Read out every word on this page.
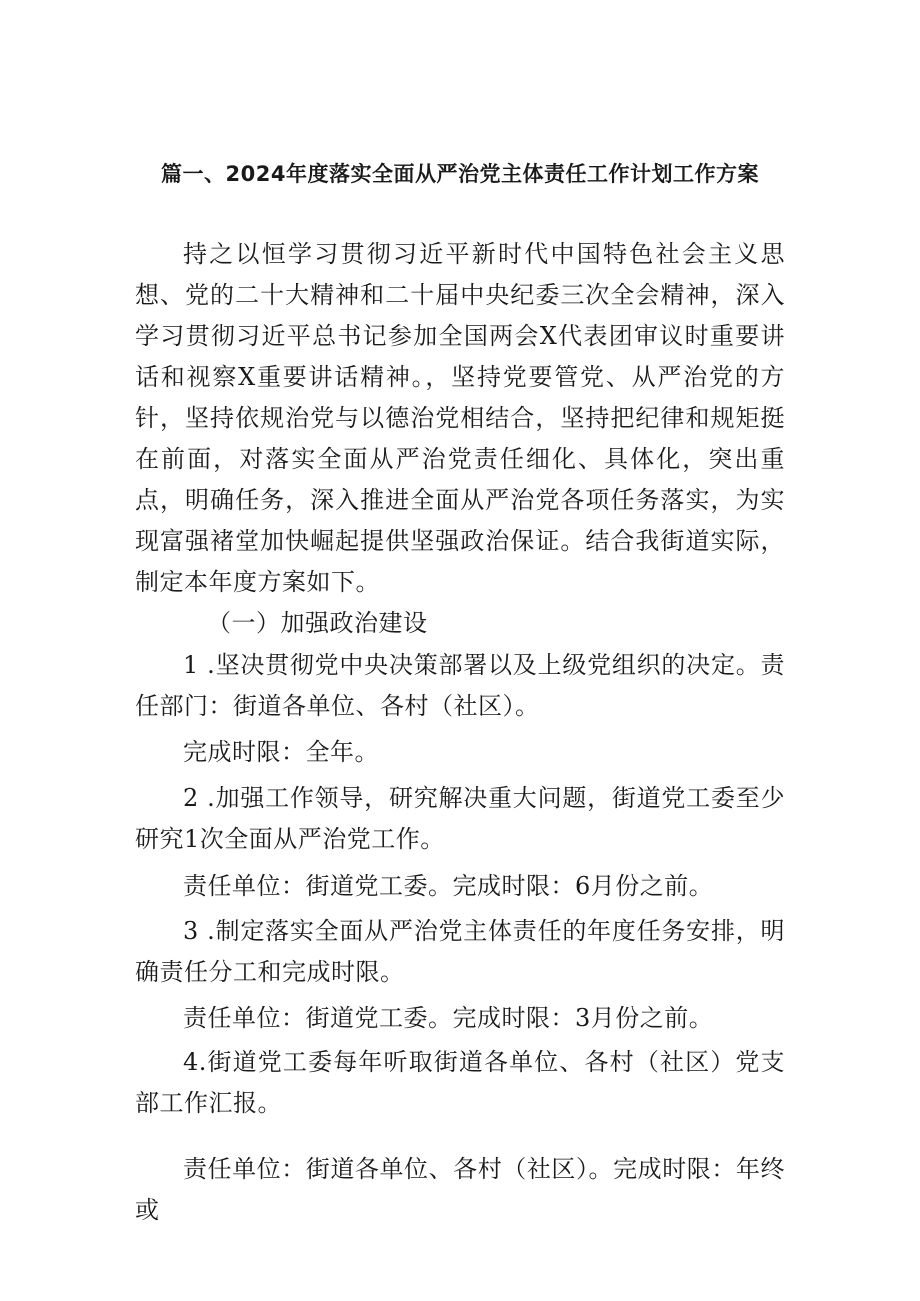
篇一、2024年度落实全面从严治党主体责任工作计划工作方案
持之以恒学习贯彻习近平新时代中国特色社会主义思想、党的二十大精神和二十届中央纪委三次全会精神，深入学习贯彻习近平总书记参加全国两会X代表团审议时重要讲话和视察X重要讲话精神。，坚持党要管党、从严治党的方针，坚持依规治党与以德治党相结合，坚持把纪律和规矩挺在前面，对落实全面从严治党责任细化、具体化，突出重点，明确任务，深入推进全面从严治党各项任务落实，为实现富强褚堂加快崛起提供坚强政治保证。结合我街道实际，制定本年度方案如下。
（一）加强政治建设
1 .坚决贯彻党中央决策部署以及上级党组织的决定。责任部门：街道各单位、各村（社区）。
完成时限：全年。
2 .加强工作领导，研究解决重大问题，街道党工委至少研究1次全面从严治党工作。
责任单位：街道党工委。完成时限：6月份之前。
3 .制定落实全面从严治党主体责任的年度任务安排，明确责任分工和完成时限。
责任单位：街道党工委。完成时限：3月份之前。
4.街道党工委每年听取街道各单位、各村（社区）党支部工作汇报。
责任单位：街道各单位、各村（社区）。完成时限：年终或
